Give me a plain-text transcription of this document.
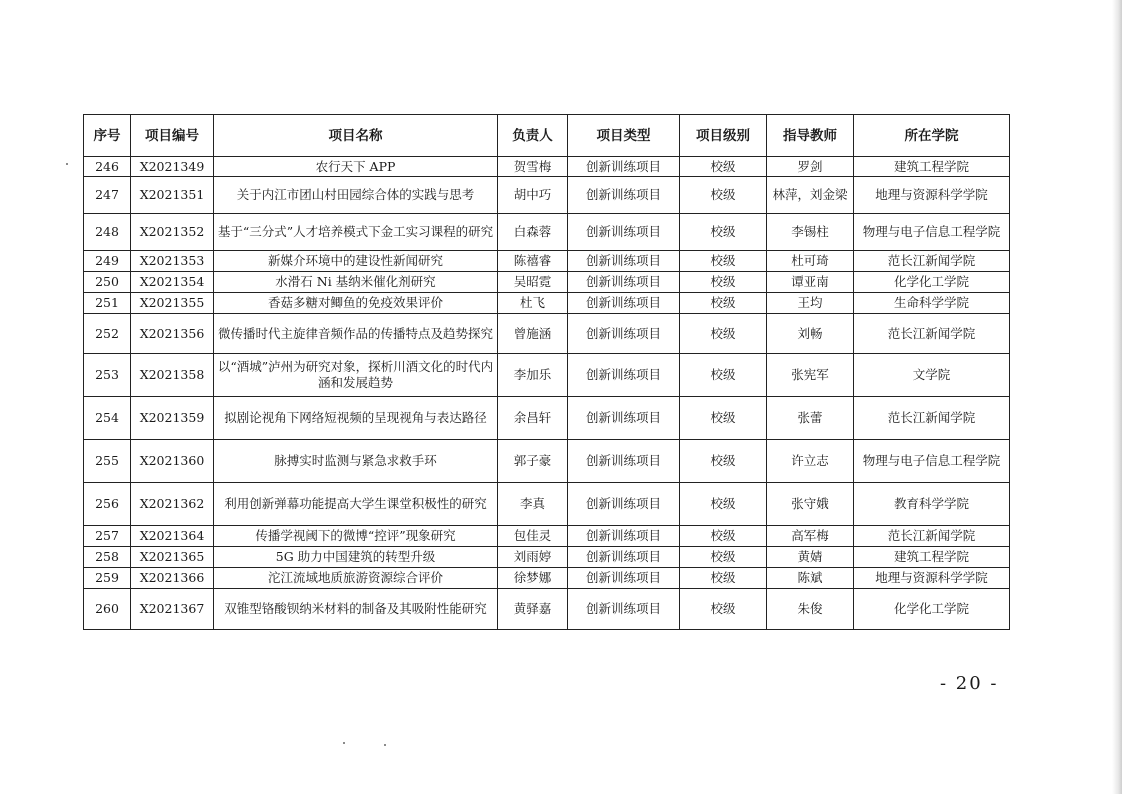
序号	项目编号	项目名称	负责人	项目类型	项目级别	指导教师	所在学院
246	X2021349	农行天下 APP	贺雪梅	创新训练项目	校级	罗剑	建筑工程学院
247	X2021351	关于内江市团山村田园综合体的实践与思考	胡中巧	创新训练项目	校级	林萍，刘金梁	地理与资源科学学院
248	X2021352	基于“三分式”人才培养模式下金工实习课程的研究	白森蓉	创新训练项目	校级	李锡柱	物理与电子信息工程学院
249	X2021353	新媒介环境中的建设性新闻研究	陈禧睿	创新训练项目	校级	杜可琦	范长江新闻学院
250	X2021354	水滑石 Ni 基纳米催化剂研究	吴昭霓	创新训练项目	校级	谭亚南	化学化工学院
251	X2021355	香菇多糖对鲫鱼的免疫效果评价	杜飞	创新训练项目	校级	王均	生命科学学院
252	X2021356	微传播时代主旋律音频作品的传播特点及趋势探究	曾施涵	创新训练项目	校级	刘畅	范长江新闻学院
253	X2021358	以“酒城”泸州为研究对象，探析川酒文化的时代内涵和发展趋势	李加乐	创新训练项目	校级	张宪军	文学院
254	X2021359	拟剧论视角下网络短视频的呈现视角与表达路径	余昌轩	创新训练项目	校级	张蕾	范长江新闻学院
255	X2021360	脉搏实时监测与紧急求救手环	郭子豪	创新训练项目	校级	许立志	物理与电子信息工程学院
256	X2021362	利用创新弹幕功能提高大学生课堂积极性的研究	李真	创新训练项目	校级	张守娥	教育科学学院
257	X2021364	传播学视阈下的微博“控评”现象研究	包佳灵	创新训练项目	校级	高军梅	范长江新闻学院
258	X2021365	5G 助力中国建筑的转型升级	刘雨婷	创新训练项目	校级	黄婧	建筑工程学院
259	X2021366	沱江流域地质旅游资源综合评价	徐梦娜	创新训练项目	校级	陈斌	地理与资源科学学院
260	X2021367	双锥型铬酸钡纳米材料的制备及其吸附性能研究	黄驿嘉	创新训练项目	校级	朱俊	化学化工学院
- 20 -
